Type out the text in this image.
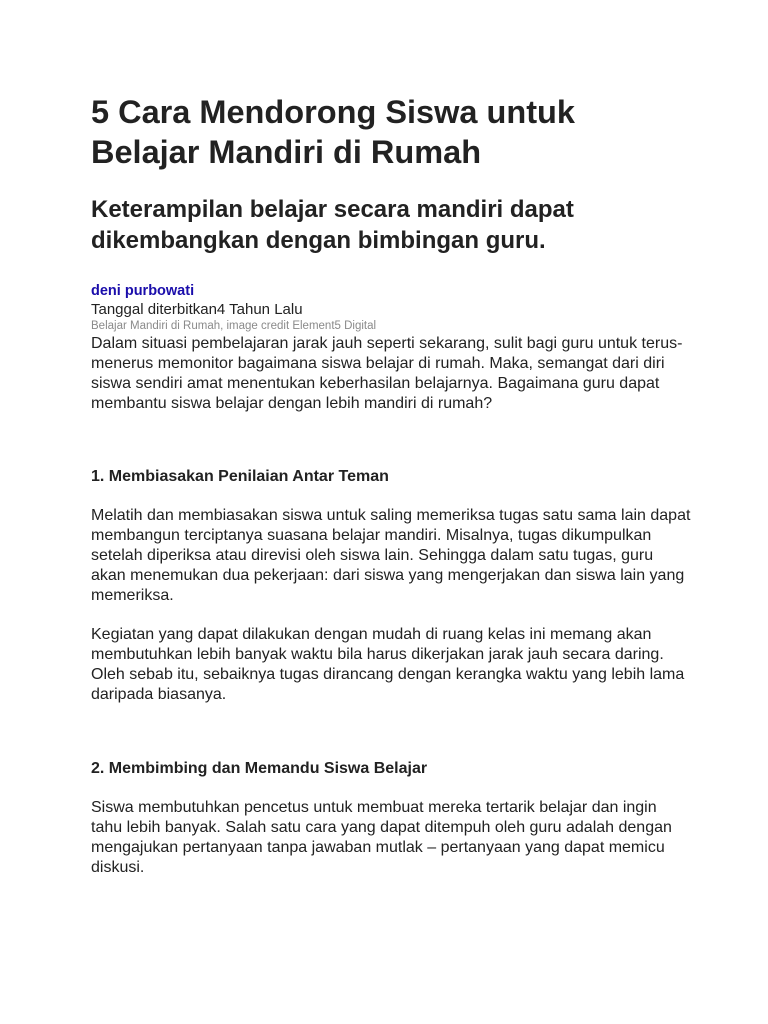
5 Cara Mendorong Siswa untuk Belajar Mandiri di Rumah
Keterampilan belajar secara mandiri dapat dikembangkan dengan bimbingan guru.
deni purbowati
Tanggal diterbitkan4 Tahun Lalu
Belajar Mandiri di Rumah, image credit Element5 Digital

Dalam situasi pembelajaran jarak jauh seperti sekarang, sulit bagi guru untuk terus-menerus memonitor bagaimana siswa belajar di rumah. Maka, semangat dari diri siswa sendiri amat menentukan keberhasilan belajarnya. Bagaimana guru dapat membantu siswa belajar dengan lebih mandiri di rumah?

1. Membiasakan Penilaian Antar Teman

Melatih dan membiasakan siswa untuk saling memeriksa tugas satu sama lain dapat membangun terciptanya suasana belajar mandiri. Misalnya, tugas dikumpulkan setelah diperiksa atau direvisi oleh siswa lain. Sehingga dalam satu tugas, guru akan menemukan dua pekerjaan: dari siswa yang mengerjakan dan siswa lain yang memeriksa.

Kegiatan yang dapat dilakukan dengan mudah di ruang kelas ini memang akan membutuhkan lebih banyak waktu bila harus dikerjakan jarak jauh secara daring. Oleh sebab itu, sebaiknya tugas dirancang dengan kerangka waktu yang lebih lama daripada biasanya.

2. Membimbing dan Memandu Siswa Belajar

Siswa membutuhkan pencetus untuk membuat mereka tertarik belajar dan ingin tahu lebih banyak. Salah satu cara yang dapat ditempuh oleh guru adalah dengan mengajukan pertanyaan tanpa jawaban mutlak – pertanyaan yang dapat memicu diskusi.
